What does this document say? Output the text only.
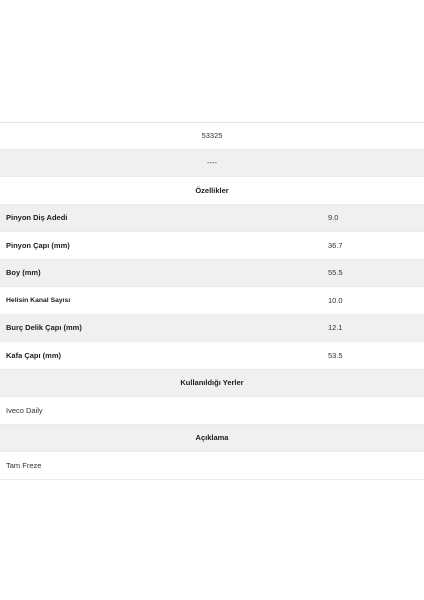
53325
----
Özellikler
Pinyon Diş Adedi	9.0
Pinyon Çapı (mm)	36.7
Boy (mm)	55.5
Helisin Kanal Sayısı	10.0
Burç Delik Çapı (mm)	12.1
Kafa Çapı (mm)	53.5
Kullanıldığı Yerler
Iveco Daily
Açıklama
Tam Freze
